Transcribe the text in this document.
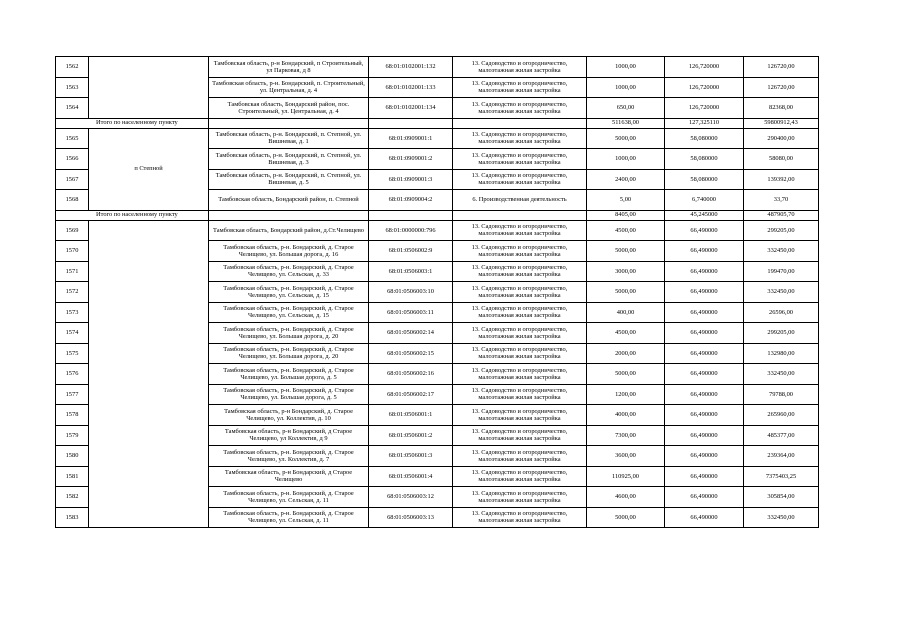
1562		Тамбовская область, р-н Бондарский, п Строительный, ул Парковая, д 8	68:01:0102001:132	13. Садоводство и огородничество, малоэтажная жилая застройка	1000,00	126,720000	126720,00
1563		Тамбовская область, р-н. Бондарский, п. Строительный, ул. Центральная, д. 4	68:01:0102001:133	13. Садоводство и огородничество, малоэтажная жилая застройка	1000,00	126,720000	126720,00
1564		Тамбовская область, Бондарский район, пос. Строительный, ул. Центральная, д. 4	68:01:0102001:134	13. Садоводство и огородничество, малоэтажная жилая застройка	650,00	126,720000	82368,00
Итого по населенному пункту					511638,00	127,325110	59800912,43
1565	п Степной	Тамбовская область, р-н. Бондарский, п. Степной, ул. Вишневая, д. 1	68:01:0909001:1	13. Садоводство и огородничество, малоэтажная жилая застройка	5000,00	58,080000	290400,00
1566		Тамбовская область, р-н. Бондарский, п. Степной, ул. Вишневая, д. 3	68:01:0909001:2	13. Садоводство и огородничество, малоэтажная жилая застройка	1000,00	58,080000	58080,00
1567		Тамбовская область, р-н. Бондарский, п. Степной, ул. Вишневая, д. 5	68:01:0909001:3	13. Садоводство и огородничество, малоэтажная жилая застройка	2400,00	58,080000	139392,00
1568		Тамбовская область, Бондарский район, п. Степной	68:01:0909004:2	6. Производственная деятельность	5,00	6,740000	33,70
Итого по населенному пункту					8405,00	45,245000	487905,70
1569		Тамбовская область, Бондарский район, д.Ст.Челищево	68:01:0000000:796	13. Садоводство и огородничество, малоэтажная жилая застройка	4500,00	66,490000	299205,00
1570		Тамбовская область, р-н. Бондарский, д. Старое Челищево, ул. Большая дорога, д. 16	68:01:0506002:9	13. Садоводство и огородничество, малоэтажная жилая застройка	5000,00	66,490000	332450,00
1571		Тамбовская область, р-н. Бондарский, д. Старое Челищево, ул. Сельская, д. 33	68:01:0506003:1	13. Садоводство и огородничество, малоэтажная жилая застройка	3000,00	66,490000	199470,00
1572		Тамбовская область, р-н. Бондарский, д. Старое Челищево, ул. Сельская, д. 15	68:01:0506003:10	13. Садоводство и огородничество, малоэтажная жилая застройка	5000,00	66,490000	332450,00
1573		Тамбовская область, р-н. Бондарский, д. Старое Челищево, ул. Сельская, д. 15	68:01:0506003:11	13. Садоводство и огородничество, малоэтажная жилая застройка	400,00	66,490000	26596,00
1574		Тамбовская область, р-н. Бондарский, д. Старое Челищево, ул. Большая дорога, д. 20	68:01:0506002:14	13. Садоводство и огородничество, малоэтажная жилая застройка	4500,00	66,490000	299205,00
1575		Тамбовская область, р-н. Бондарский, д. Старое Челищево, ул. Большая дорога, д. 20	68:01:0506002:15	13. Садоводство и огородничество, малоэтажная жилая застройка	2000,00	66,490000	132980,00
1576		Тамбовская область, р-н. Бондарский, д. Старое Челищево, ул. Большая дорога, д. 5	68:01:0506002:16	13. Садоводство и огородничество, малоэтажная жилая застройка	5000,00	66,490000	332450,00
1577		Тамбовская область, р-н. Бондарский, д. Старое Челищево, ул. Большая дорога, д. 5	68:01:0506002:17	13. Садоводство и огородничество, малоэтажная жилая застройка	1200,00	66,490000	79788,00
1578		Тамбовская область, р-н Бондарский, д. Старое Челищево, ул. Коллектив, д. 10	68:01:0506001:1	13. Садоводство и огородничество, малоэтажная жилая застройка	4000,00	66,490000	265960,00
1579		Тамбовская область, р-н Бондарский, д Старое Челищево, ул Коллектив, д 9	68:01:0506001:2	13. Садоводство и огородничество, малоэтажная жилая застройка	7300,00	66,490000	485377,00
1580		Тамбовская область, р-н. Бондарский, д. Старое Челищево, ул. Коллектив, д. 7	68:01:0506001:3	13. Садоводство и огородничество, малоэтажная жилая застройка	3600,00	66,490000	239364,00
1581		Тамбовская область, р-н Бондарский, д Старое Челищево	68:01:0506001:4	13. Садоводство и огородничество, малоэтажная жилая застройка	110925,00	66,490000	7375403,25
1582		Тамбовская область, р-н. Бондарский, д. Старое Челищево, ул. Сельская, д. 11	68:01:0506003:12	13. Садоводство и огородничество, малоэтажная жилая застройка	4600,00	66,490000	305854,00
1583		Тамбовская область, р-н. Бондарский, д. Старое Челищево, ул. Сельская, д. 11	68:01:0506003:13	13. Садоводство и огородничество, малоэтажная жилая застройка	5000,00	66,490000	332450,00
